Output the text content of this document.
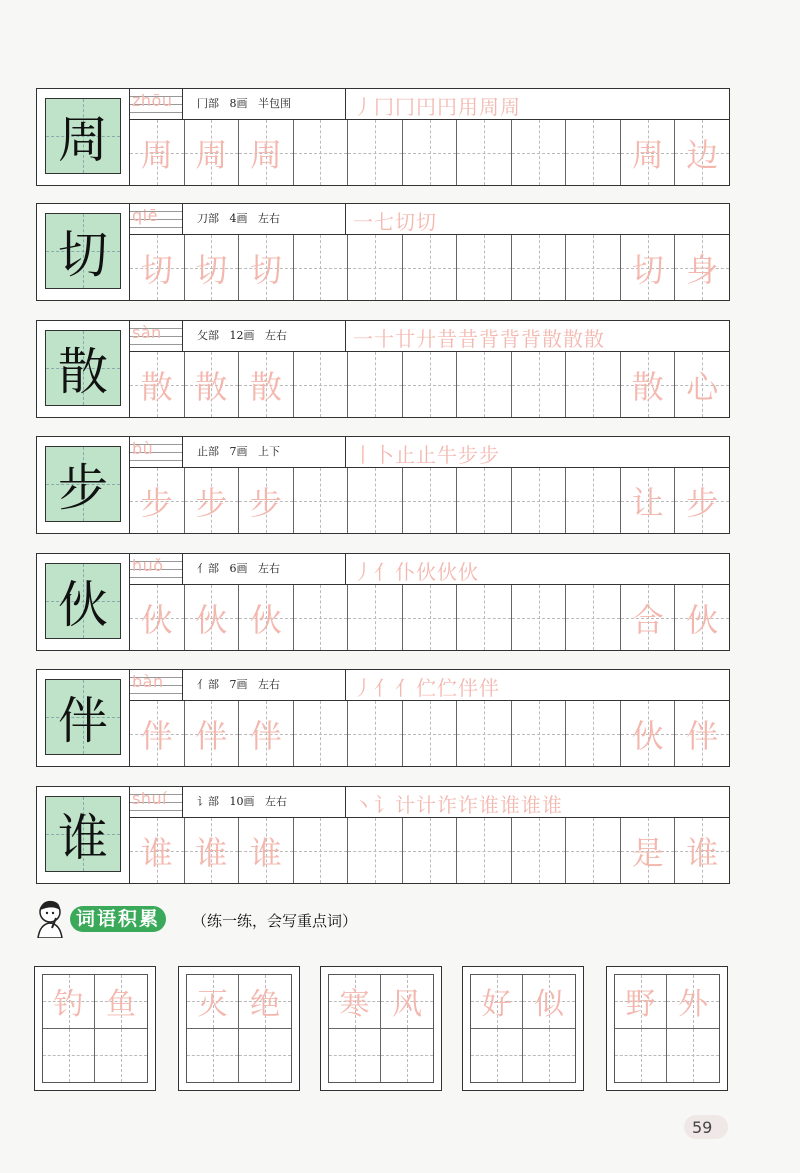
周
zhōu 冂部 8画 半包围	丿冂冂円円用周周
周 周 周	周 边
切
qiē	刀部 4画 左右	一七切切
切 切 切	切 身
散
sàn	攵部 12画 左右	一十廿廾昔昔背背背散散散
散 散 散	散 心
步
bù	止部 7画 上下	丨卜止止牛步步
步 步 步	让 步
伙
huǒ	亻部 6画 左右	丿亻仆伙伙伙
伙 伙 伙	合 伙
伴
bàn	亻部 7画 左右	丿亻亻伫伫伴伴
伴 伴 伴	伙 伴
谁
shuí	讠部 10画 左右	丶讠计计诈诈谁谁谁谁
谁 谁 谁	是 谁
词语积累	（练一练，会写重点词）
钓 鱼	灭 绝	寒 风	好 似	野 外
59
